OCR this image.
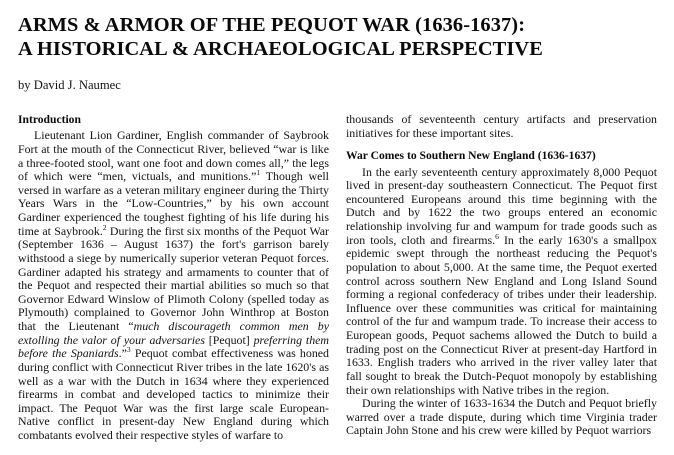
ARMS & ARMOR OF THE PEQUOT WAR (1636-1637):
A HISTORICAL & ARCHAEOLOGICAL PERSPECTIVE

by David J. Naumec

Introduction

Lieutenant Lion Gardiner, English commander of Saybrook Fort at the mouth of the Connecticut River, believed “war is like a three-footed stool, want one foot and down comes all,” the legs of which were “men, victuals, and munitions.”$^1$ Though well versed in warfare as a veteran military engineer during the Thirty Years Wars in the “Low-Countries,” by his own account Gardiner experienced the toughest fighting of his life during his time at Saybrook.$^2$ During the first six months of the Pequot War (September 1636 – August 1637) the fort's garrison barely withstood a siege by numerically superior veteran Pequot forces. Gardiner adapted his strategy and armaments to counter that of the Pequot and respected their martial abilities so much so that Governor Edward Winslow of Plimoth Colony (spelled today as Plymouth) complained to Governor John Winthrop at Boston that the Lieutenant “much discourageth common men by extolling the valor of your adversaries [Pequot] preferring them before the Spaniards.”$^3$ Pequot combat effectiveness was honed during conflict with Connecticut River tribes in the late 1620's as well as a war with the Dutch in 1634 where they experienced firearms in combat and developed tactics to minimize their impact. The Pequot War was the first large scale European-Native conflict in present-day New England during which combatants evolved their respective styles of warfare to

thousands of seventeenth century artifacts and preservation initiatives for these important sites.

War Comes to Southern New England (1636-1637)

In the early seventeenth century approximately 8,000 Pequot lived in present-day southeastern Connecticut. The Pequot first encountered Europeans around this time beginning with the Dutch and by 1622 the two groups entered an economic relationship involving fur and wampum for trade goods such as iron tools, cloth and firearms.$^6$ In the early 1630's a smallpox epidemic swept through the northeast reducing the Pequot's population to about 5,000. At the same time, the Pequot exerted control across southern New England and Long Island Sound forming a regional confederacy of tribes under their leadership. Influence over these communities was critical for maintaining control of the fur and wampum trade. To increase their access to European goods, Pequot sachems allowed the Dutch to build a trading post on the Connecticut River at present-day Hartford in 1633. English traders who arrived in the river valley later that fall sought to break the Dutch-Pequot monopoly by establishing their own relationships with Native tribes in the region.

During the winter of 1633-1634 the Dutch and Pequot briefly warred over a trade dispute, during which time Virginia trader Captain John Stone and his crew were killed by Pequot warriors
